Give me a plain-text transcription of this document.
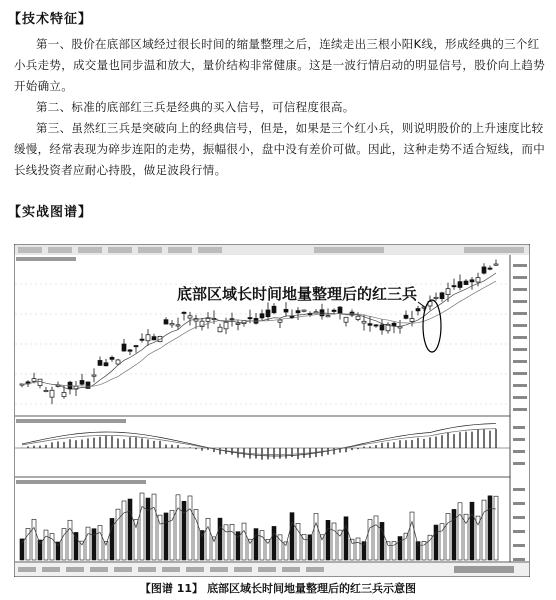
【技术特征】
第一、股价在底部区域经过很长时间的缩量整理之后，连续走出三根小阳K线，形成经典的三个红小兵走势，成交量也同步温和放大，量价结构非常健康。这是一波行情启动的明显信号，股价向上趋势开始确立。
第二、标准的底部红三兵是经典的买入信号，可信程度很高。
第三、虽然红三兵是突破向上的经典信号，但是，如果是三个红小兵，则说明股价的上升速度比较缓慢，经常表现为碎步连阳的走势，振幅很小，盘中没有差价可做。因此，这种走势不适合短线，而中长线投资者应耐心持股，做足波段行情。
【实战图谱】
底部区域长时间地量整理后的红三兵
【图谱 11】 底部区域长时间地量整理后的红三兵示意图
